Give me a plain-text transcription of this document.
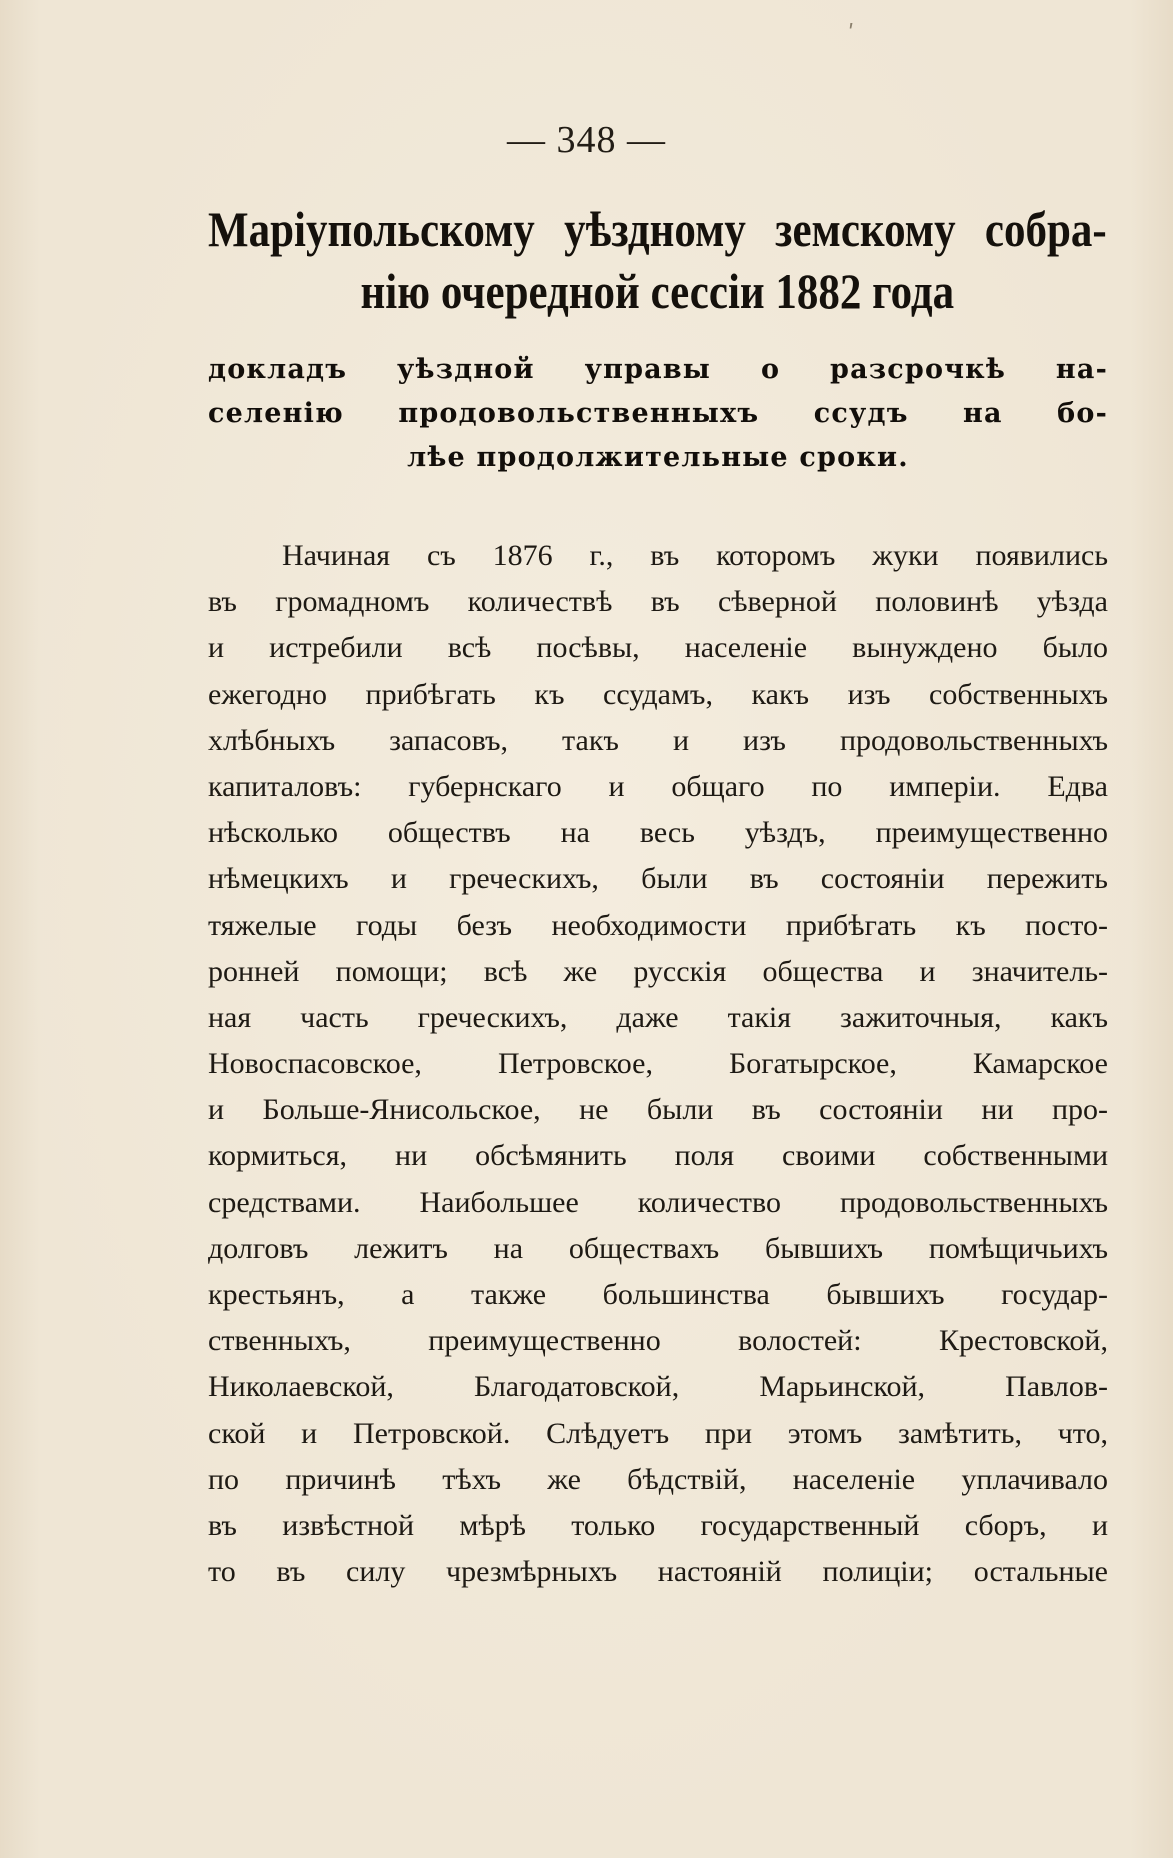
ʹ
— 348 —
Маріупольскому уѣздному земскому собра-
нію очередной сессіи 1882 года
докладъ уѣздной управы о разсрочкѣ на-
селенію продовольственныхъ ссудъ на бо-
лѣе продолжительные сроки.
Начиная съ 1876 г., въ которомъ жуки появились
въ громадномъ количествѣ въ сѣверной половинѣ уѣзда
и истребили всѣ посѣвы, населеніе вынуждено было
ежегодно прибѣгать къ ссудамъ, какъ изъ собственныхъ
хлѣбныхъ запасовъ, такъ и изъ продовольственныхъ
капиталовъ: губернскаго и общаго по имперіи. Едва
нѣсколько обществъ на весь уѣздъ, преимущественно
нѣмецкихъ и греческихъ, были въ состояніи пережить
тяжелые годы безъ необходимости прибѣгать къ посто-
ронней помощи; всѣ же русскія общества и значитель-
ная часть греческихъ, даже такія зажиточныя, какъ
Новоспасовское, Петровское, Богатырское, Камарское
и Больше-Янисольское, не были въ состояніи ни про-
кормиться, ни обсѣмянить поля своими собственными
средствами. Наибольшее количество продовольственныхъ
долговъ лежитъ на обществахъ бывшихъ помѣщичьихъ
крестьянъ, а также большинства бывшихъ государ-
ственныхъ, преимущественно волостей: Крестовской,
Николаевской, Благодатовской, Марьинской, Павлов-
ской и Петровской. Слѣдуетъ при этомъ замѣтить, что,
по причинѣ тѣхъ же бѣдствій, населеніе уплачивало
въ извѣстной мѣрѣ только государственный сборъ, и
то въ силу чрезмѣрныхъ настояній полиціи; остальные
